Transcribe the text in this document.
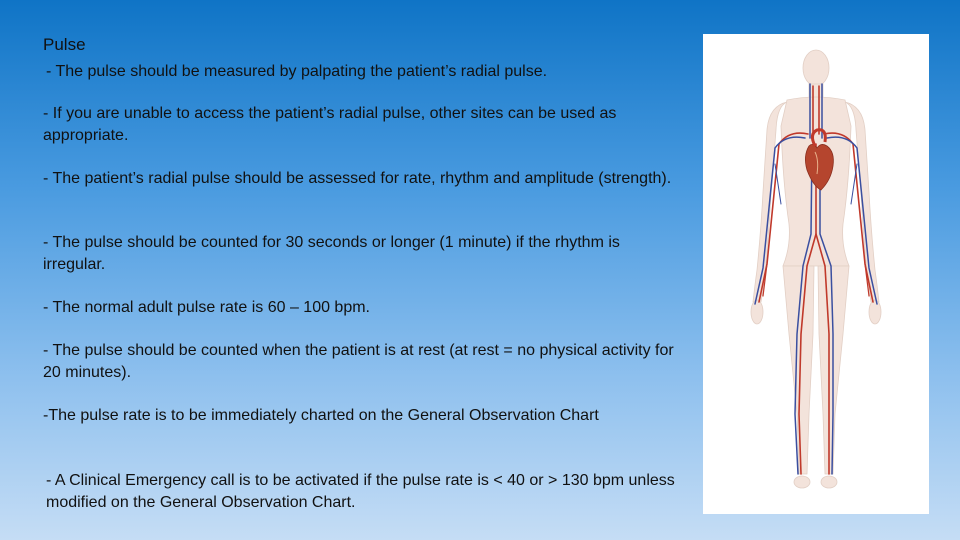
Pulse
- The pulse should be measured by palpating the patient’s radial pulse.
- If you are unable to access the patient’s radial pulse, other sites can be used as appropriate.
- The patient’s radial pulse should be assessed for rate, rhythm and amplitude (strength).
- The pulse should be counted for 30 seconds or longer (1 minute) if the rhythm is irregular.
- The normal adult pulse rate is 60 – 100 bpm.
- The pulse should be counted when the patient is at rest (at rest = no physical activity for 20 minutes).
-The pulse rate is to be immediately charted on the General Observation Chart
- A Clinical Emergency call is to be activated if the pulse rate is < 40 or > 130 bpm unless modified on the General Observation Chart.
